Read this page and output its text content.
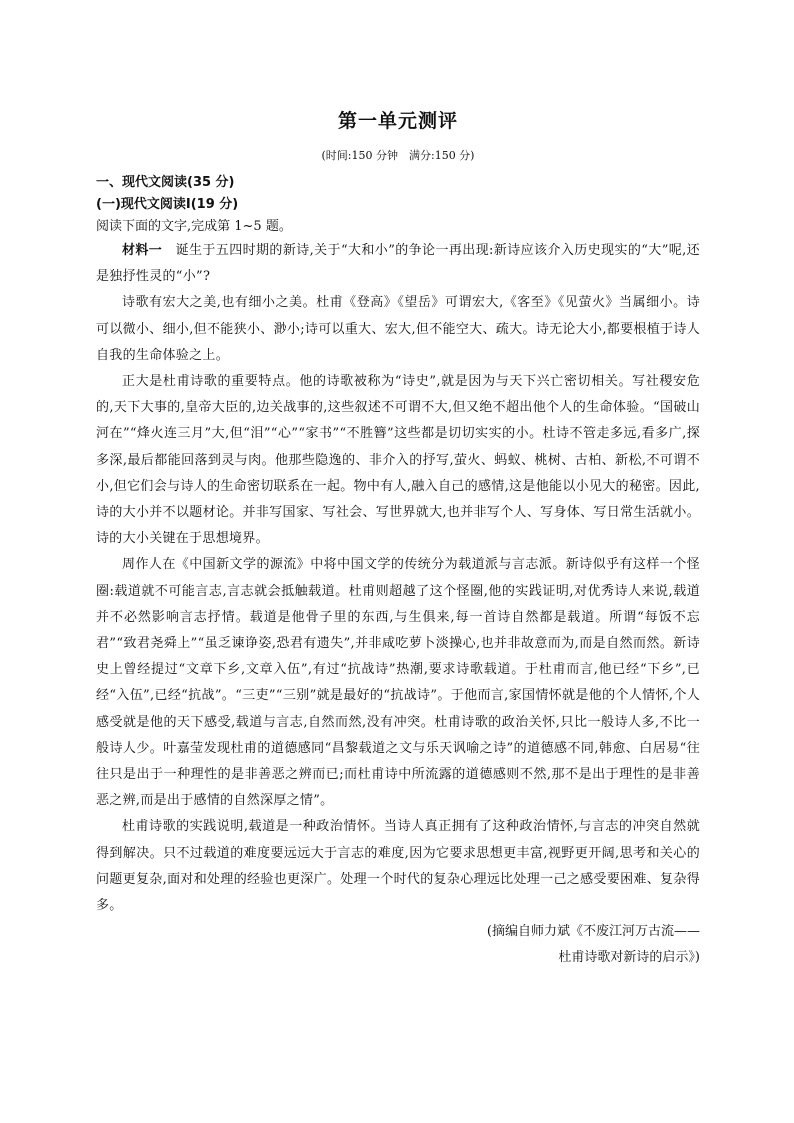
第一单元测评
(时间:150 分钟　满分:150 分)
一、现代文阅读(35 分)
(一)现代文阅读Ⅰ(19 分)
阅读下面的文字,完成第 1~5 题。

材料一　 诞生于五四时期的新诗,关于“大和小”的争论一再出现:新诗应该介入历史现实的“大”呢,还是独抒性灵的“小”?

诗歌有宏大之美,也有细小之美。杜甫《登高》《望岳》可谓宏大,《客至》《见萤火》当属细小。诗可以微小、细小,但不能狭小、渺小;诗可以重大、宏大,但不能空大、疏大。诗无论大小,都要根植于诗人自我的生命体验之上。

正大是杜甫诗歌的重要特点。他的诗歌被称为“诗史”,就是因为与天下兴亡密切相关。写社稷安危的,天下大事的,皇帝大臣的,边关战事的,这些叙述不可谓不大,但又绝不超出他个人的生命体验。“国破山河在”“烽火连三月”大,但“泪”“心”“家书”“不胜簪”这些都是切切实实的小。杜诗不管走多远,看多广,探多深,最后都能回落到灵与肉。他那些隐逸的、非介入的抒写,萤火、蚂蚁、桃树、古柏、新松,不可谓不小,但它们会与诗人的生命密切联系在一起。物中有人,融入自己的感情,这是他能以小见大的秘密。因此,诗的大小并不以题材论。并非写国家、写社会、写世界就大,也并非写个人、写身体、写日常生活就小。诗的大小关键在于思想境界。

周作人在《中国新文学的源流》中将中国文学的传统分为载道派与言志派。新诗似乎有这样一个怪圈:载道就不可能言志,言志就会抵触载道。杜甫则超越了这个怪圈,他的实践证明,对优秀诗人来说,载道并不必然影响言志抒情。载道是他骨子里的东西,与生俱来,每一首诗自然都是载道。所谓“每饭不忘君”“致君尧舜上”“虽乏谏诤姿,恐君有遗失”,并非咸吃萝卜淡操心,也并非故意而为,而是自然而然。新诗史上曾经提过“文章下乡,文章入伍”,有过“抗战诗”热潮,要求诗歌载道。于杜甫而言,他已经“下乡”,已经“入伍”,已经“抗战”。“三吏”“三别”就是最好的“抗战诗”。于他而言,家国情怀就是他的个人情怀,个人感受就是他的天下感受,载道与言志,自然而然,没有冲突。杜甫诗歌的政治关怀,只比一般诗人多,不比一般诗人少。叶嘉莹发现杜甫的道德感同“昌黎载道之文与乐天讽喻之诗”的道德感不同,韩愈、白居易“往往只是出于一种理性的是非善恶之辨而已;而杜甫诗中所流露的道德感则不然,那不是出于理性的是非善恶之辨,而是出于感情的自然深厚之情”。

杜甫诗歌的实践说明,载道是一种政治情怀。当诗人真正拥有了这种政治情怀,与言志的冲突自然就得到解决。只不过载道的难度要远远大于言志的难度,因为它要求思想更丰富,视野更开阔,思考和关心的问题更复杂,面对和处理的经验也更深广。处理一个时代的复杂心理远比处理一己之感受要困难、复杂得多。

(摘编自师力斌《不废江河万古流——
杜甫诗歌对新诗的启示》)
